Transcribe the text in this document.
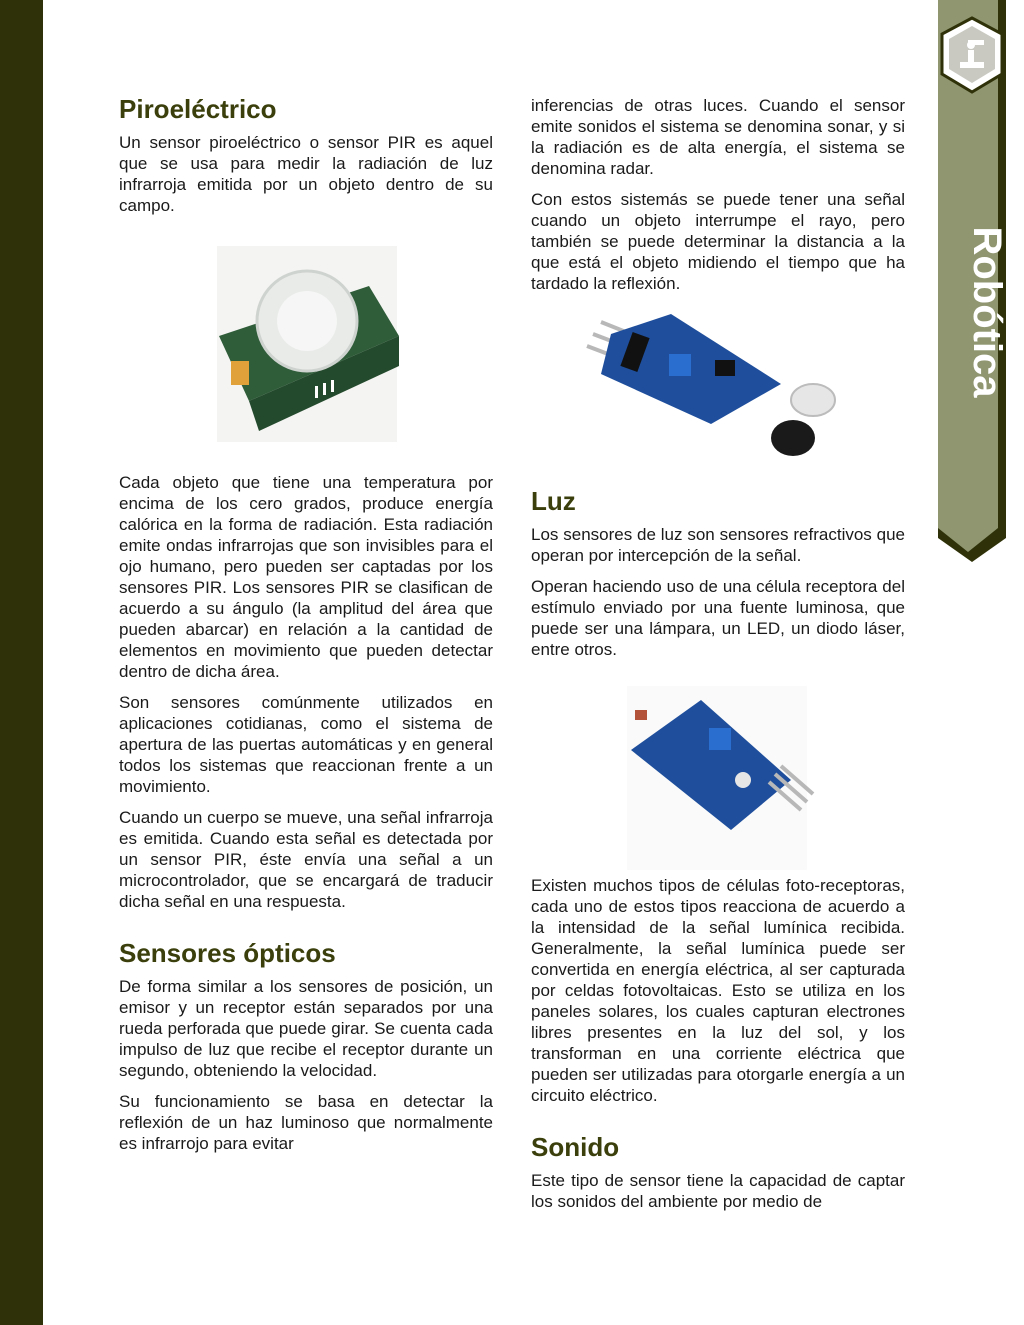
Robótica
Piroeléctrico

Un sensor piroeléctrico o sensor PIR es aquel que se usa para medir la radiación de luz infrarroja emitida por un objeto dentro de su campo.

Cada objeto que tiene una temperatura por encima de los cero grados, produce energía calórica en la forma de radiación. Esta radiación emite ondas infrarrojas que son invisibles para el ojo humano, pero pueden ser captadas por los sensores PIR. Los sensores PIR se clasifican de acuerdo a su ángulo (la amplitud del área que pueden abarcar) en relación a la cantidad de elementos en movimiento que pueden detectar dentro de dicha área.

Son sensores comúnmente utilizados en aplicaciones cotidianas, como el sistema de apertura de las puertas automáticas y en general todos los sistemas que reaccionan frente a un movimiento.

Cuando un cuerpo se mueve, una señal infrarroja es emitida. Cuando esta señal es detectada por un sensor PIR, éste envía una señal a un microcontrolador, que se encargará de traducir dicha señal en una respuesta.

Sensores ópticos

De forma similar a los sensores de posición, un emisor y un receptor están separados por una rueda perforada que puede girar. Se cuenta cada impulso de luz que recibe el receptor durante un segundo, obteniendo la velocidad.

Su funcionamiento se basa en detectar la reflexión de un haz luminoso que normalmente es infrarrojo para evitar

inferencias de otras luces. Cuando el sensor emite sonidos el sistema se denomina sonar, y si la radiación es de alta energía, el sistema se denomina radar.

Con estos sistemás se puede tener una señal cuando un objeto interrumpe el rayo, pero también se puede determinar la distancia a la que está el objeto midiendo el tiempo que ha tardado la reflexión.

Luz

Los sensores de luz son sensores refractivos que operan por intercepción de la señal.

Operan haciendo uso de una célula receptora del estímulo enviado por una fuente luminosa, que puede ser una lámpara, un LED, un diodo láser, entre otros.

Existen muchos tipos de células foto-receptoras, cada uno de estos tipos reacciona de acuerdo a la intensidad de la señal lumínica recibida. Generalmente, la señal lumínica puede ser convertida en energía eléctrica, al ser capturada por celdas fotovoltaicas. Esto se utiliza en los paneles solares, los cuales capturan electrones libres presentes en la luz del sol, y los transforman en una corriente eléctrica que pueden ser utilizadas para otorgarle energía a un circuito eléctrico.

Sonido

Este tipo de sensor tiene la capacidad de captar los sonidos del ambiente por medio de
